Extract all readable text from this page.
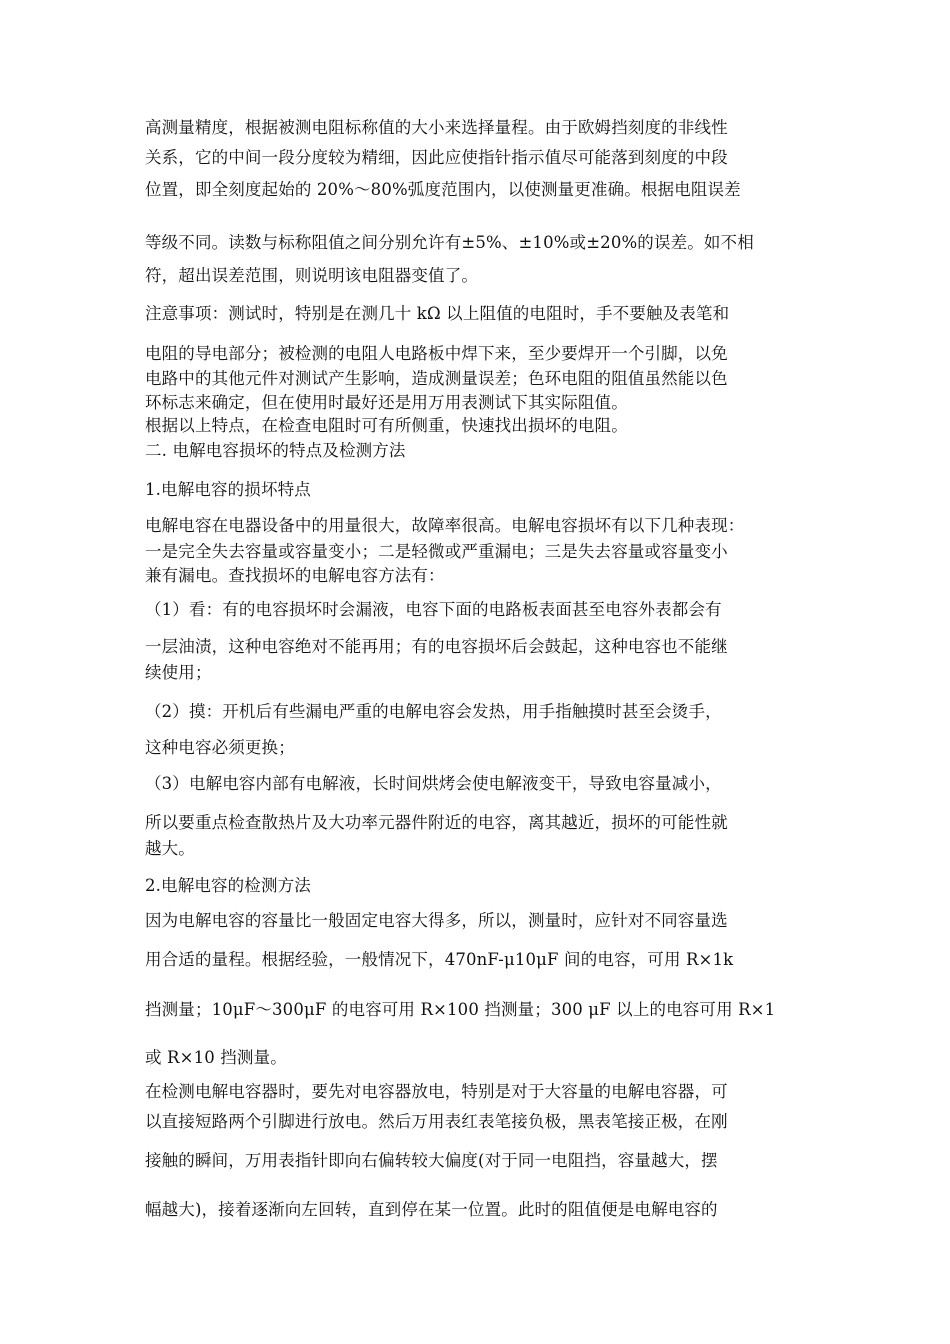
高测量精度，根据被测电阻标称值的大小来选择量程。由于欧姆挡刻度的非线性
关系，它的中间一段分度较为精细，因此应使指针指示值尽可能落到刻度的中段
位置，即全刻度起始的 20%～80%弧度范围内，以使测量更准确。根据电阻误差
等级不同。读数与标称阻值之间分别允许有±5%、±10%或±20%的误差。如不相
符，超出误差范围，则说明该电阻器变值了。
注意事项：测试时，特别是在测几十 kΩ 以上阻值的电阻时，手不要触及表笔和
电阻的导电部分；被检测的电阻人电路板中焊下来，至少要焊开一个引脚，以免
电路中的其他元件对测试产生影响，造成测量误差；色环电阻的阻值虽然能以色
环标志来确定，但在使用时最好还是用万用表测试下其实际阻值。
根据以上特点，在检查电阻时可有所侧重，快速找出损坏的电阻。
二. 电解电容损坏的特点及检测方法
1.电解电容的损坏特点
电解电容在电器设备中的用量很大，故障率很高。电解电容损坏有以下几种表现：
一是完全失去容量或容量变小；二是轻微或严重漏电；三是失去容量或容量变小
兼有漏电。查找损坏的电解电容方法有：
（1）看：有的电容损坏时会漏液，电容下面的电路板表面甚至电容外表都会有
一层油渍，这种电容绝对不能再用；有的电容损坏后会鼓起，这种电容也不能继
续使用；
（2）摸：开机后有些漏电严重的电解电容会发热，用手指触摸时甚至会烫手，
这种电容必须更换；
（3）电解电容内部有电解液，长时间烘烤会使电解液变干，导致电容量减小，
所以要重点检查散热片及大功率元器件附近的电容，离其越近，损坏的可能性就
越大。
2.电解电容的检测方法
因为电解电容的容量比一般固定电容大得多，所以，测量时，应针对不同容量选
用合适的量程。根据经验，一般情况下，470nF-μ10μF 间的电容，可用 R×1k
挡测量；10μF～300μF 的电容可用 R×100 挡测量；300 μF 以上的电容可用 R×1
或 R×10 挡测量。
在检测电解电容器时，要先对电容器放电，特别是对于大容量的电解电容器，可
以直接短路两个引脚进行放电。然后万用表红表笔接负极，黑表笔接正极，在刚
接触的瞬间，万用表指针即向右偏转较大偏度(对于同一电阻挡，容量越大，摆
幅越大)，接着逐渐向左回转，直到停在某一位置。此时的阻值便是电解电容的
